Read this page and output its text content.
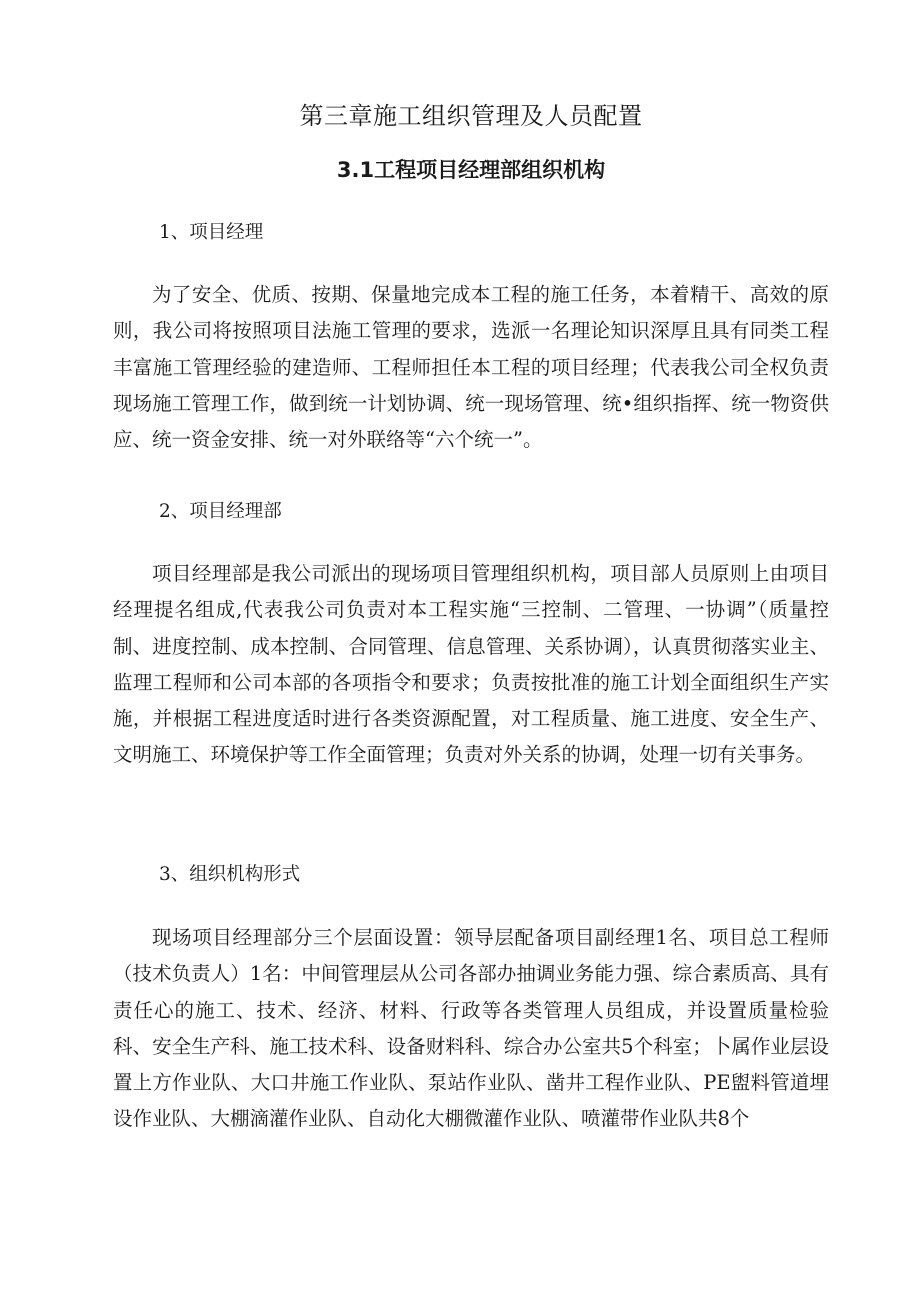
第三章施工组织管理及人员配置
3.1工程项目经理部组织机构
1、项目经理

为了安全、优质、按期、保量地完成本工程的施工任务，本着精干、高效的原则，我公司将按照项目法施工管理的要求，选派一名理论知识深厚且具有同类工程丰富施工管理经验的建造师、工程师担任本工程的项目经理；代表我公司全权负责现场施工管理工作，做到统一计划协调、统一现场管理、统•组织指挥、统一物资供应、统一资金安排、统一对外联络等“六个统一”。

2、项目经理部

项目经理部是我公司派出的现场项目管理组织机构，项目部人员原则上由项目经理提名组成,代表我公司负责对本工程实施“三控制、二管理、一协调”（质量控制、进度控制、成本控制、合同管理、信息管理、关系协调），认真贯彻落实业主、监理工程师和公司本部的各项指令和要求；负责按批准的施工计划全面组织生产实施，并根据工程进度适时进行各类资源配置，对工程质量、施工进度、安全生产、文明施工、环境保护等工作全面管理；负责对外关系的协调，处理一切有关事务。

3、组织机构形式

现场项目经理部分三个层面设置：领导层配备项目副经理1名、项目总工程师（技术负责人）1名：中间管理层从公司各部办抽调业务能力强、综合素质高、具有责任心的施工、技术、经济、材料、行政等各类管理人员组成，并设置质量检验科、安全生产科、施工技术科、设备财料科、综合办公室共5个科室；卜属作业层设置上方作业队、大口井施工作业队、泵站作业队、凿井工程作业队、PE盥料管道埋设作业队、大棚滴灌作业队、自动化大棚微灌作业队、喷灌带作业队共8个
